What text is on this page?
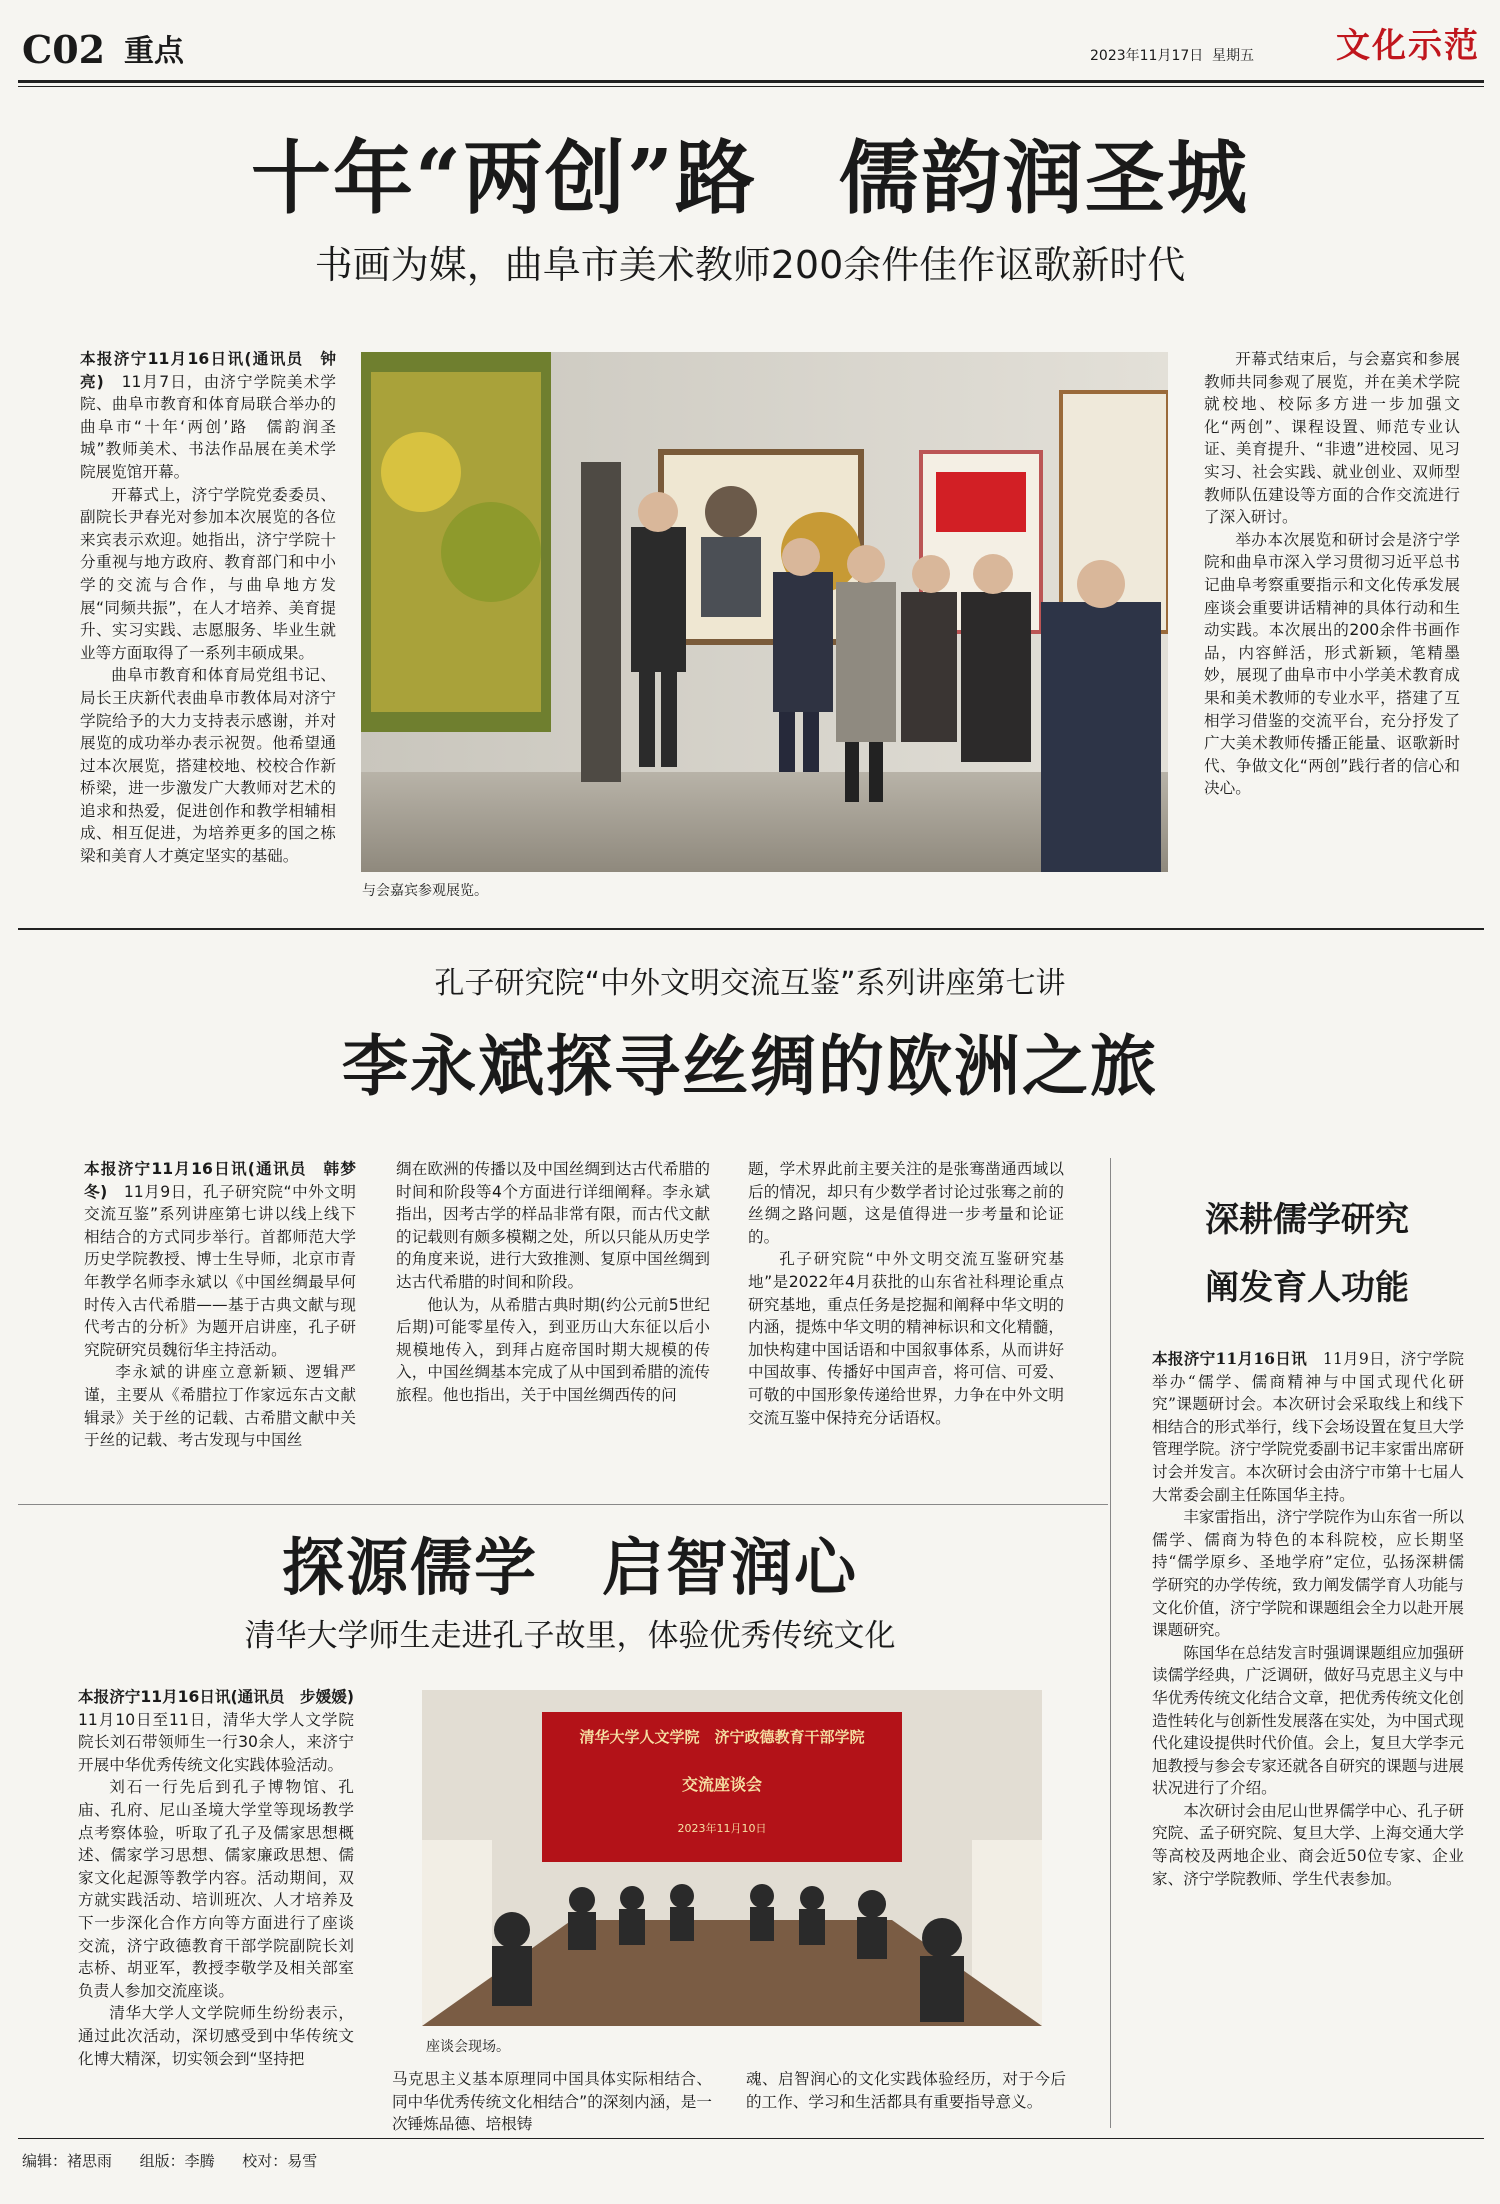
C02 重点	2023年11月17日 星期五	文化示范
十年“两创”路　儒韵润圣城
书画为媒，曲阜市美术教师200余件佳作讴歌新时代

本报济宁11月16日讯(通讯员　钟亮)　11月7日，由济宁学院美术学院、曲阜市教育和体育局联合举办的曲阜市“十年‘两创’路　儒韵润圣城”教师美术、书法作品展在美术学院展览馆开幕。

开幕式上，济宁学院党委委员、副院长尹春光对参加本次展览的各位来宾表示欢迎。她指出，济宁学院十分重视与地方政府、教育部门和中小学的交流与合作，与曲阜地方发展“同频共振”，在人才培养、美育提升、实习实践、志愿服务、毕业生就业等方面取得了一系列丰硕成果。

曲阜市教育和体育局党组书记、局长王庆新代表曲阜市教体局对济宁学院给予的大力支持表示感谢，并对展览的成功举办表示祝贺。他希望通过本次展览，搭建校地、校校合作新桥梁，进一步激发广大教师对艺术的追求和热爱，促进创作和教学相辅相成、相互促进，为培养更多的国之栋梁和美育人才奠定坚实的基础。

与会嘉宾参观展览。

开幕式结束后，与会嘉宾和参展教师共同参观了展览，并在美术学院就校地、校际多方进一步加强文化“两创”、课程设置、师范专业认证、美育提升、“非遗”进校园、见习实习、社会实践、就业创业、双师型教师队伍建设等方面的合作交流进行了深入研讨。

举办本次展览和研讨会是济宁学院和曲阜市深入学习贯彻习近平总书记曲阜考察重要指示和文化传承发展座谈会重要讲话精神的具体行动和生动实践。本次展出的200余件书画作品，内容鲜活，形式新颖，笔精墨妙，展现了曲阜市中小学美术教育成果和美术教师的专业水平，搭建了互相学习借鉴的交流平台，充分抒发了广大美术教师传播正能量、讴歌新时代、争做文化“两创”践行者的信心和决心。

孔子研究院“中外文明交流互鉴”系列讲座第七讲
李永斌探寻丝绸的欧洲之旅

本报济宁11月16日讯(通讯员　韩梦冬)　11月9日，孔子研究院“中外文明交流互鉴”系列讲座第七讲以线上线下相结合的方式同步举行。首都师范大学历史学院教授、博士生导师，北京市青年教学名师李永斌以《中国丝绸最早何时传入古代希腊——基于古典文献与现代考古的分析》为题开启讲座，孔子研究院研究员魏衍华主持活动。

李永斌的讲座立意新颖、逻辑严谨，主要从《希腊拉丁作家远东古文献辑录》关于丝的记载、古希腊文献中关于丝的记载、考古发现与中国丝

绸在欧洲的传播以及中国丝绸到达古代希腊的时间和阶段等4个方面进行详细阐释。李永斌指出，因考古学的样品非常有限，而古代文献的记载则有颇多模糊之处，所以只能从历史学的角度来说，进行大致推测、复原中国丝绸到达古代希腊的时间和阶段。

他认为，从希腊古典时期(约公元前5世纪后期)可能零星传入，到亚历山大东征以后小规模地传入，到拜占庭帝国时期大规模的传入，中国丝绸基本完成了从中国到希腊的流传旅程。他也指出，关于中国丝绸西传的问

题，学术界此前主要关注的是张骞凿通西域以后的情况，却只有少数学者讨论过张骞之前的丝绸之路问题，这是值得进一步考量和论证的。

孔子研究院“中外文明交流互鉴研究基地”是2022年4月获批的山东省社科理论重点研究基地，重点任务是挖掘和阐释中华文明的内涵，提炼中华文明的精神标识和文化精髓，加快构建中国话语和中国叙事体系，从而讲好中国故事、传播好中国声音，将可信、可爱、可敬的中国形象传递给世界，力争在中外文明交流互鉴中保持充分话语权。

深耕儒学研究
阐发育人功能

本报济宁11月16日讯　11月9日，济宁学院举办“儒学、儒商精神与中国式现代化研究”课题研讨会。本次研讨会采取线上和线下相结合的形式举行，线下会场设置在复旦大学管理学院。济宁学院党委副书记丰家雷出席研讨会并发言。本次研讨会由济宁市第十七届人大常委会副主任陈国华主持。

丰家雷指出，济宁学院作为山东省一所以儒学、儒商为特色的本科院校，应长期坚持“儒学原乡、圣地学府”定位，弘扬深耕儒学研究的办学传统，致力阐发儒学育人功能与文化价值，济宁学院和课题组会全力以赴开展课题研究。

陈国华在总结发言时强调课题组应加强研读儒学经典，广泛调研，做好马克思主义与中华优秀传统文化结合文章，把优秀传统文化创造性转化与创新性发展落在实处，为中国式现代化建设提供时代价值。会上，复旦大学李元旭教授与参会专家还就各自研究的课题与进展状况进行了介绍。

本次研讨会由尼山世界儒学中心、孔子研究院、孟子研究院、复旦大学、上海交通大学等高校及两地企业、商会近50位专家、企业家、济宁学院教师、学生代表参加。

探源儒学　启智润心
清华大学师生走进孔子故里，体验优秀传统文化

本报济宁11月16日讯(通讯员　步媛媛)　11月10日至11日，清华大学人文学院院长刘石带领师生一行30余人，来济宁开展中华优秀传统文化实践体验活动。

刘石一行先后到孔子博物馆、孔庙、孔府、尼山圣境大学堂等现场教学点考察体验，听取了孔子及儒家思想概述、儒家学习思想、儒家廉政思想、儒家文化起源等教学内容。活动期间，双方就实践活动、培训班次、人才培养及下一步深化合作方向等方面进行了座谈交流，济宁政德教育干部学院副院长刘志桥、胡亚军，教授李敬学及相关部室负责人参加交流座谈。

清华大学人文学院师生纷纷表示，通过此次活动，深切感受到中华传统文化博大精深，切实领会到“坚持把

清华大学人文学院　济宁政德教育干部学院
交流座谈会
2023年11月10日
座谈会现场。

马克思主义基本原理同中国具体实际相结合、同中华优秀传统文化相结合”的深刻内涵，是一次锤炼品德、培根铸

魂、启智润心的文化实践体验经历，对于今后的工作、学习和生活都具有重要指导意义。

编辑：褚思雨 组版：李腾 校对：易雪
